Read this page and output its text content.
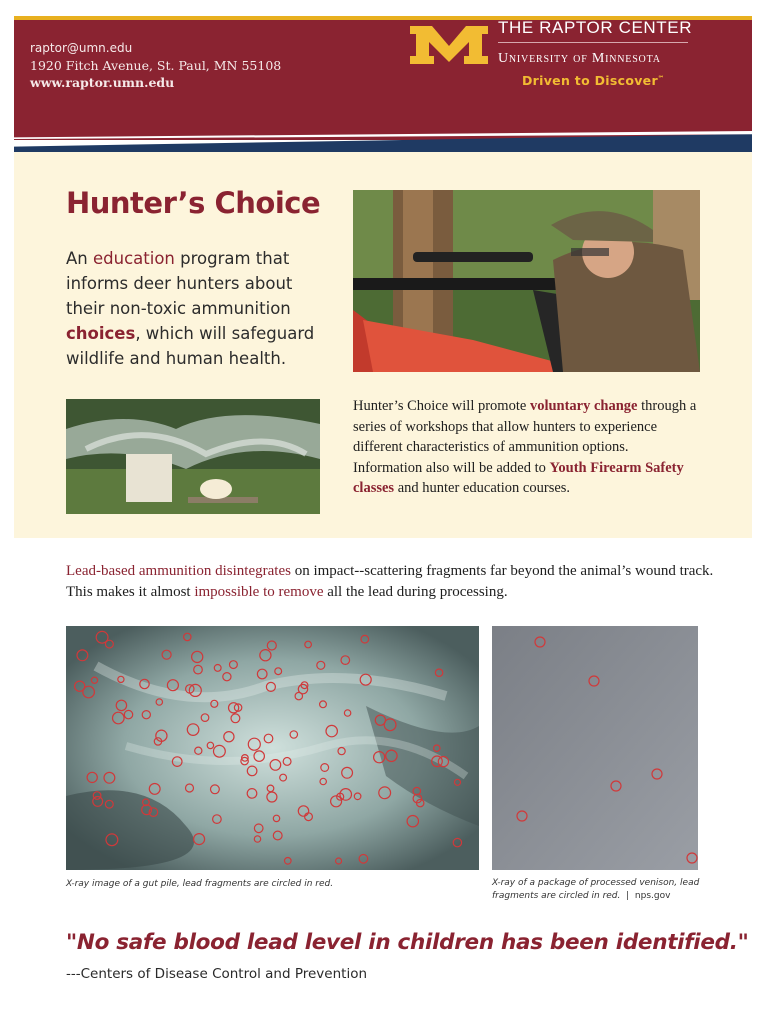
raptor@umn.edu
1920 Fitch Avenue, St. Paul, MN 55108
www.raptor.umn.edu
THE RAPTOR CENTER
University of Minnesota
Driven to Discover℠
Hunter’s Choice
An education program that informs deer hunters about their non-toxic ammunition choices, which will safeguard wildlife and human health.
Hunter’s Choice will promote voluntary change through a series of workshops that allow hunters to experience different characteristics of ammunition options. Information also will be added to Youth Firearm Safety classes and hunter education courses.
Lead-based ammunition disintegrates on impact--scattering fragments far beyond the animal’s wound track. This makes it almost impossible to remove all the lead during processing.
X-ray image of a gut pile, lead fragments are circled in red.	X-ray of a package of processed venison, lead fragments are circled in red. | nps.gov
"No safe blood lead level in children has been identified."
---Centers of Disease Control and Prevention
